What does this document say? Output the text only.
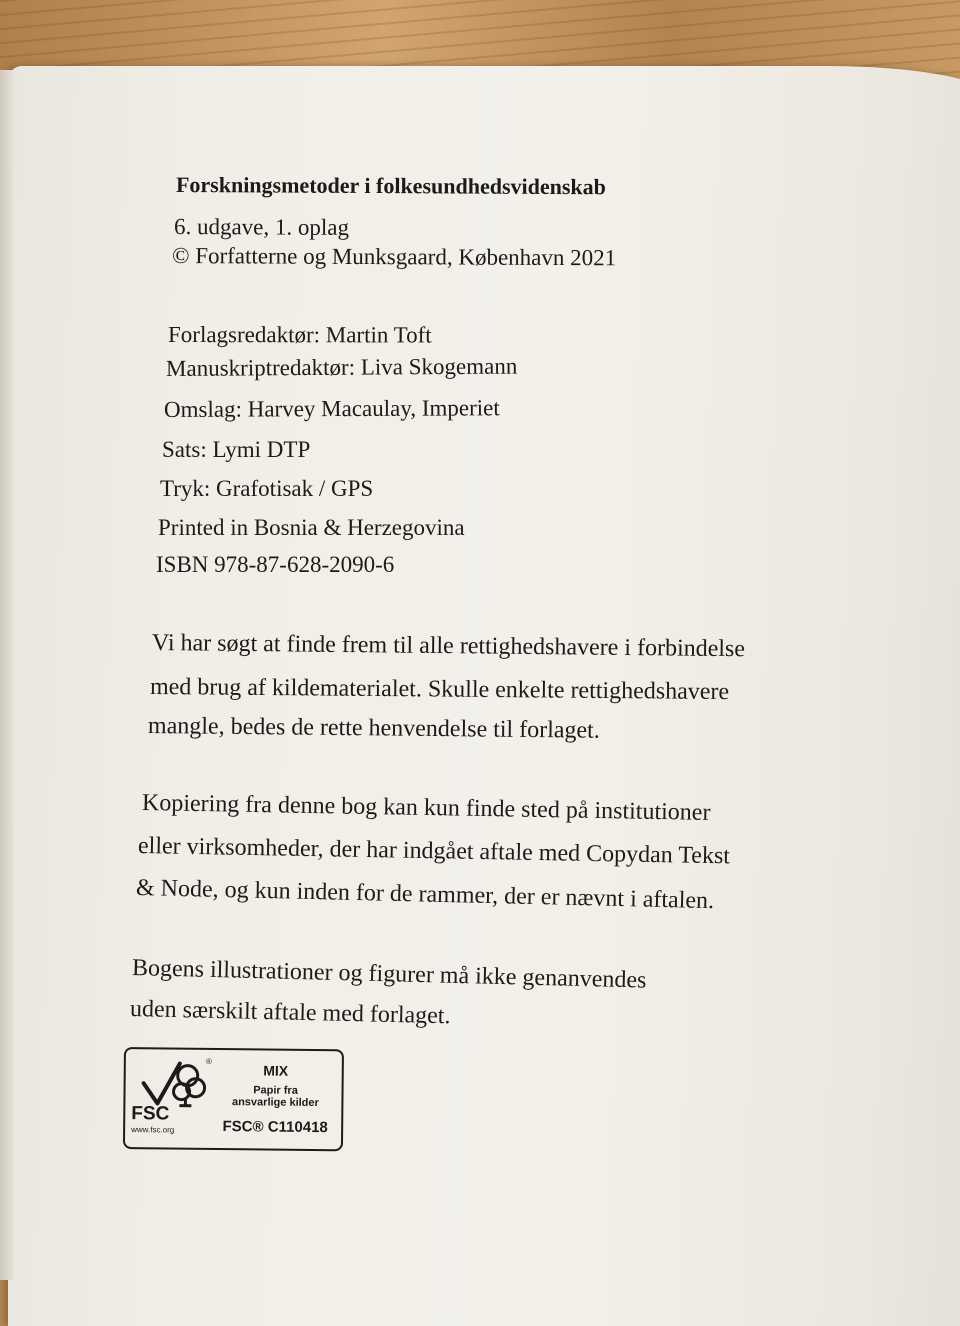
Forskningsmetoder i folkesundhedsvidenskab
6. udgave, 1. oplag
© Forfatterne og Munksgaard, København 2021
Forlagsredaktør: Martin Toft
Manuskriptredaktør: Liva Skogemann
Omslag: Harvey Macaulay, Imperiet
Sats: Lymi DTP
Tryk: Grafotisak / GPS
Printed in Bosnia & Herzegovina
ISBN 978-87-628-2090-6
Vi har søgt at finde frem til alle rettighedshavere i forbindelse
med brug af kildematerialet. Skulle enkelte rettighedshavere
mangle, bedes de rette henvendelse til forlaget.
Kopiering fra denne bog kan kun finde sted på institutioner
eller virksomheder, der har indgået aftale med Copydan Tekst
& Node, og kun inden for de rammer, der er nævnt i aftalen.
Bogens illustrationer og figurer må ikke genanvendes
uden særskilt aftale med forlaget.
®
FSC
www.fsc.org
MIX
Papir fra
ansvarlige kilder
FSC® C110418
